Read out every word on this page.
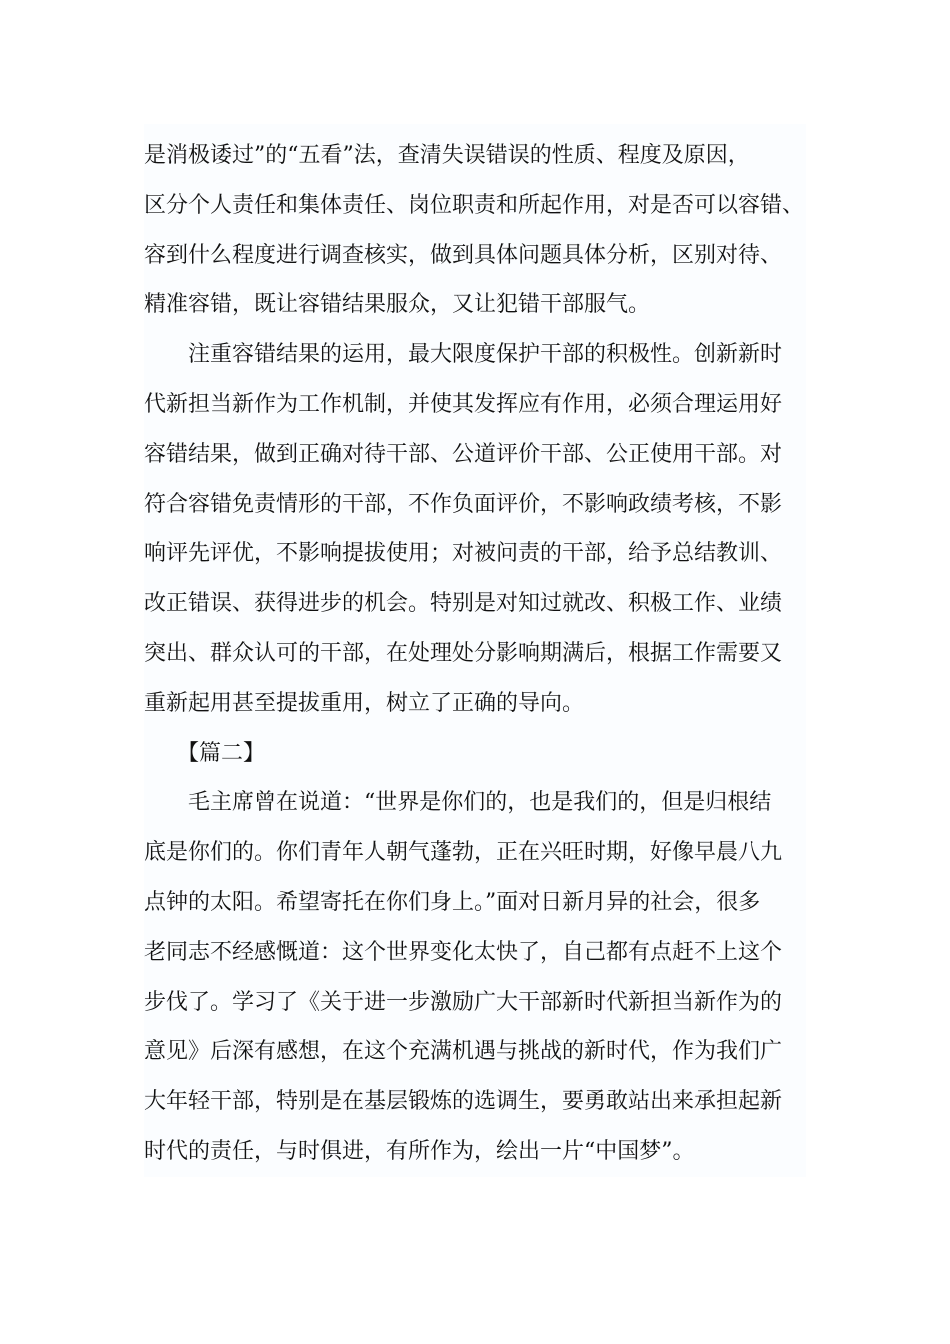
是消极诿过”的“五看”法，查清失误错误的性质、程度及原因，
区分个人责任和集体责任、岗位职责和所起作用，对是否可以容错、
容到什么程度进行调查核实，做到具体问题具体分析，区别对待、
精准容错，既让容错结果服众，又让犯错干部服气。
注重容错结果的运用，最大限度保护干部的积极性。创新新时
代新担当新作为工作机制，并使其发挥应有作用，必须合理运用好
容错结果，做到正确对待干部、公道评价干部、公正使用干部。对
符合容错免责情形的干部，不作负面评价，不影响政绩考核，不影
响评先评优，不影响提拔使用；对被问责的干部，给予总结教训、
改正错误、获得进步的机会。特别是对知过就改、积极工作、业绩
突出、群众认可的干部，在处理处分影响期满后，根据工作需要又
重新起用甚至提拔重用，树立了正确的导向。
【篇二】
毛主席曾在说道：“世界是你们的，也是我们的，但是归根结
底是你们的。你们青年人朝气蓬勃，正在兴旺时期，好像早晨八九
点钟的太阳。希望寄托在你们身上。”面对日新月异的社会，很多
老同志不经感慨道：这个世界变化太快了，自己都有点赶不上这个
步伐了。学习了《关于进一步激励广大干部新时代新担当新作为的
意见》后深有感想，在这个充满机遇与挑战的新时代，作为我们广
大年轻干部，特别是在基层锻炼的选调生，要勇敢站出来承担起新
时代的责任，与时俱进，有所作为，绘出一片“中国梦”。
